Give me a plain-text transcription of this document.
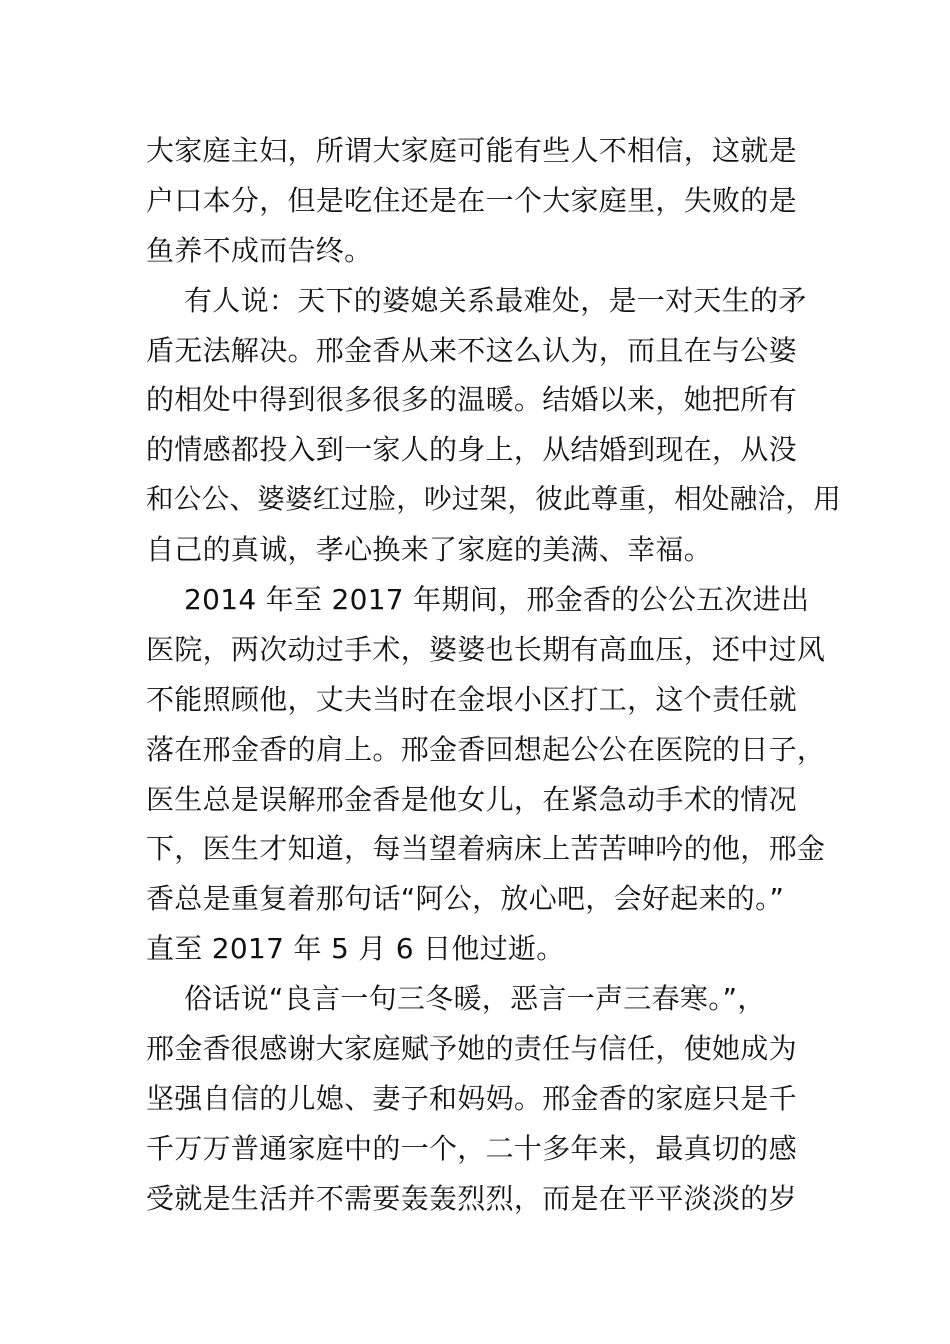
大家庭主妇，所谓大家庭可能有些人不相信，这就是
户口本分，但是吃住还是在一个大家庭里，失败的是
鱼养不成而告终。
有人说：天下的婆媳关系最难处，是一对天生的矛
盾无法解决。邢金香从来不这么认为，而且在与公婆
的相处中得到很多很多的温暖。结婚以来，她把所有
的情感都投入到一家人的身上，从结婚到现在，从没
和公公、婆婆红过脸，吵过架，彼此尊重，相处融洽，用
自己的真诚，孝心换来了家庭的美满、幸福。
2014 年至 2017 年期间，邢金香的公公五次进出
医院，两次动过手术，婆婆也长期有高血压，还中过风
不能照顾他，丈夫当时在金垠小区打工，这个责任就
落在邢金香的肩上。邢金香回想起公公在医院的日子，
医生总是误解邢金香是他女儿，在紧急动手术的情况
下，医生才知道，每当望着病床上苦苦呻吟的他，邢金
香总是重复着那句话“阿公，放心吧，会好起来的。”
直至 2017 年 5 月 6 日他过逝。
俗话说“良言一句三冬暖，恶言一声三春寒。”，
邢金香很感谢大家庭赋予她的责任与信任，使她成为
坚强自信的儿媳、妻子和妈妈。邢金香的家庭只是千
千万万普通家庭中的一个，二十多年来，最真切的感
受就是生活并不需要轰轰烈烈，而是在平平淡淡的岁
